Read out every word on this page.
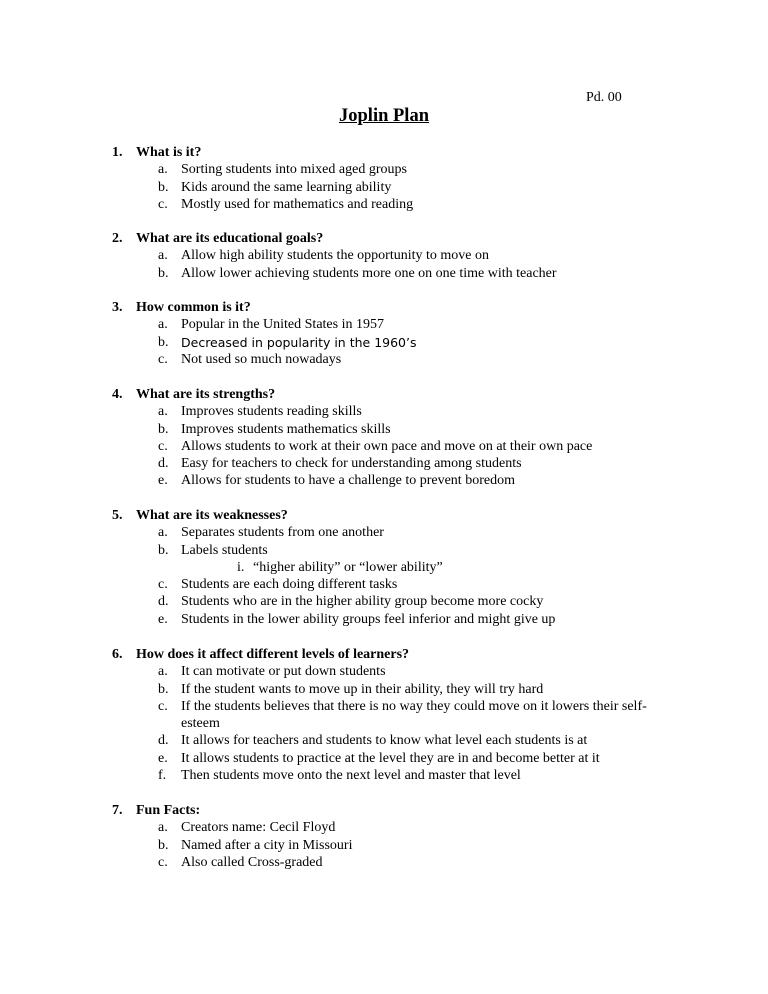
Pd. 00
Joplin Plan
1. What is it?
a. Sorting students into mixed aged groups
b. Kids around the same learning ability
c. Mostly used for mathematics and reading
2. What are its educational goals?
a. Allow high ability students the opportunity to move on
b. Allow lower achieving students more one on one time with teacher
3. How common is it?
a. Popular in the United States in 1957
b. Decreased in popularity in the 1960’s
c. Not used so much nowadays
4. What are its strengths?
a. Improves students reading skills
b. Improves students mathematics skills
c. Allows students to work at their own pace and move on at their own pace
d. Easy for teachers to check for understanding among students
e. Allows for students to have a challenge to prevent boredom
5. What are its weaknesses?
a. Separates students from one another
b. Labels students
i. “higher ability” or “lower ability”
c. Students are each doing different tasks
d. Students who are in the higher ability group become more cocky
e. Students in the lower ability groups feel inferior and might give up
6. How does it affect different levels of learners?
a. It can motivate or put down students
b. If the student wants to move up in their ability, they will try hard
c. If the students believes that there is no way they could move on it lowers their self-esteem
d. It allows for teachers and students to know what level each students is at
e. It allows students to practice at the level they are in and become better at it
f. Then students move onto the next level and master that level
7. Fun Facts:
a. Creators name: Cecil Floyd
b. Named after a city in Missouri
c. Also called Cross-graded
